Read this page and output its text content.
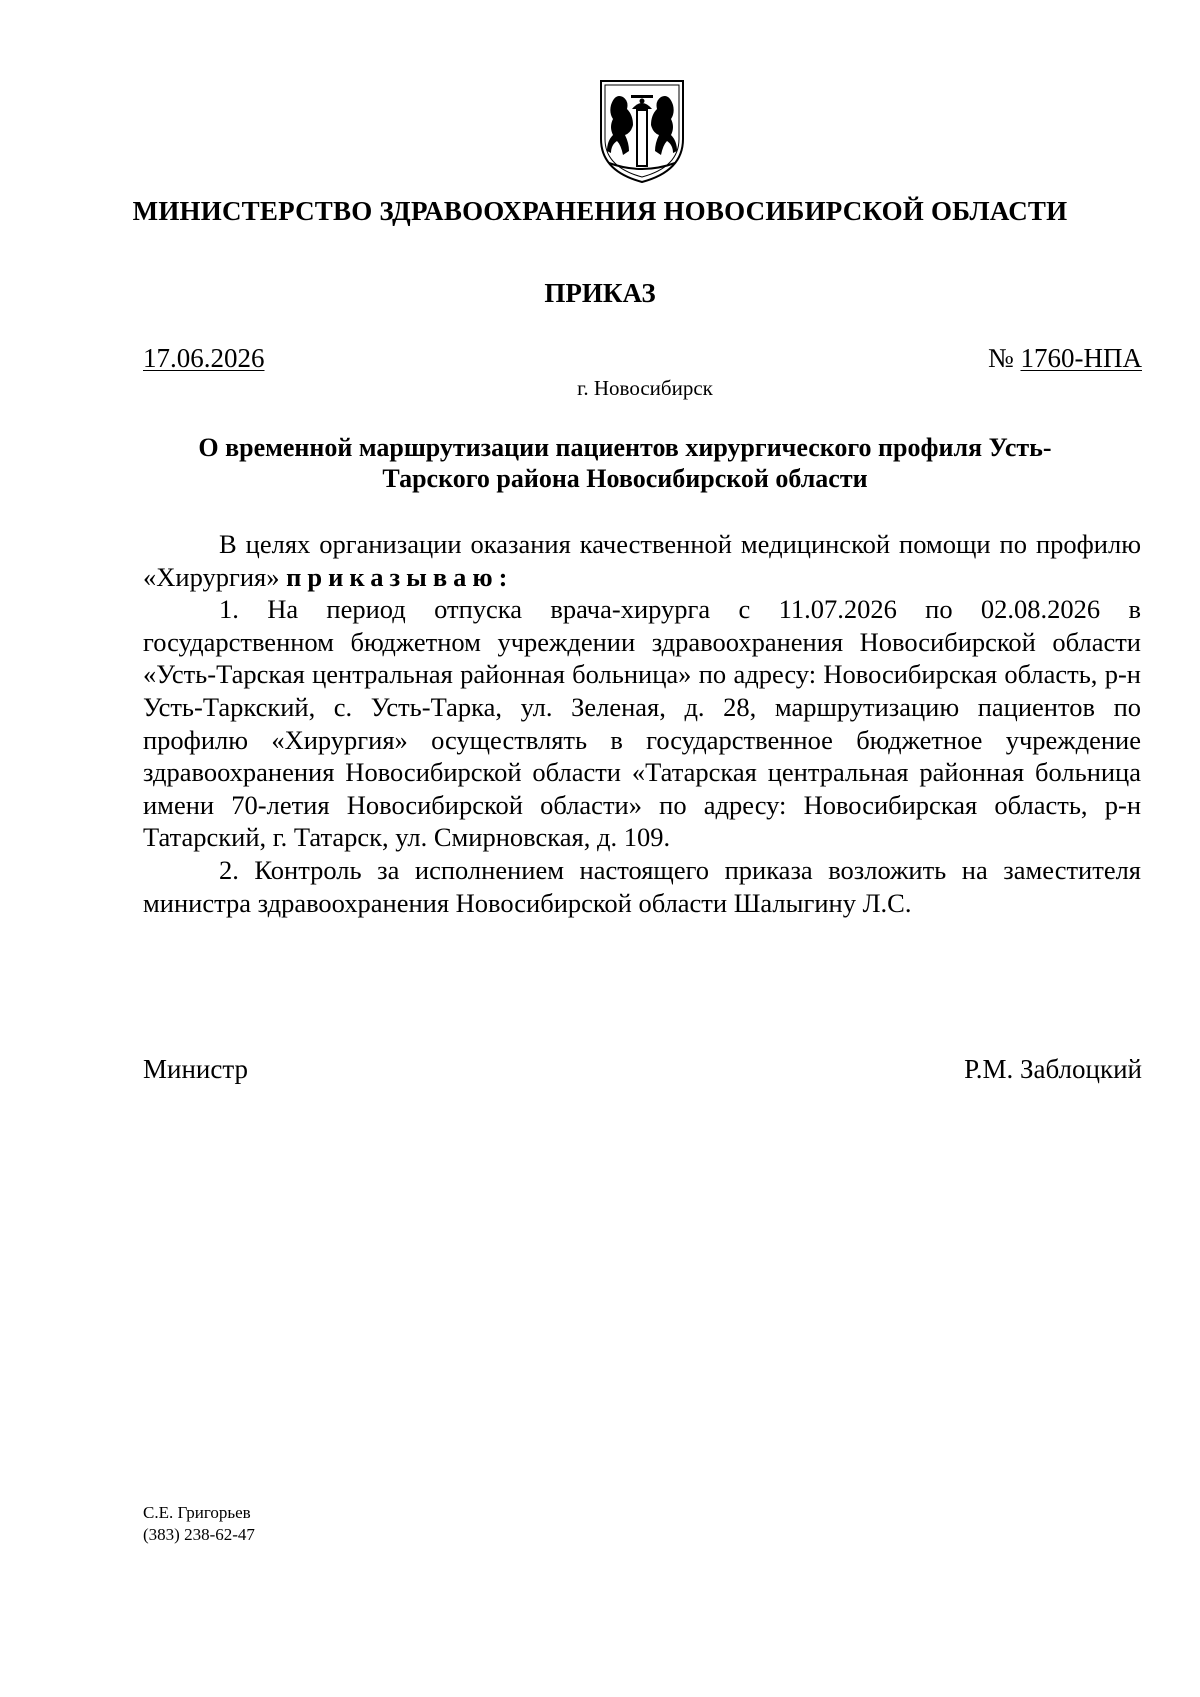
МИНИСТЕРСТВО ЗДРАВООХРАНЕНИЯ НОВОСИБИРСКОЙ ОБЛАСТИ
ПРИКАЗ
17.06.2026	№ 1760-НПА
г. Новосибирск
О временной маршрутизации пациентов хирургического профиля Усть-
Тарского района Новосибирской области

В целях организации оказания качественной медицинской помощи по профилю «Хирургия» приказываю:

1. На период отпуска врача-хирурга с 11.07.2026 по 02.08.2026 в государственном бюджетном учреждении здравоохранения Новосибирской области «Усть-Тарская центральная районная больница» по адресу: Новосибирская область, р-н Усть-Таркский, с. Усть-Тарка, ул. Зеленая, д. 28, маршрутизацию пациентов по профилю «Хирургия» осуществлять в государственное бюджетное учреждение здравоохранения Новосибирской области «Татарская центральная районная больница имени 70-летия Новосибирской области» по адресу: Новосибирская область, р-н Татарский, г. Татарск, ул. Смирновская, д. 109.

2. Контроль за исполнением настоящего приказа возложить на заместителя министра здравоохранения Новосибирской области Шалыгину Л.С.

Министр	Р.М. Заблоцкий
С.Е. Григорьев
(383) 238-62-47
